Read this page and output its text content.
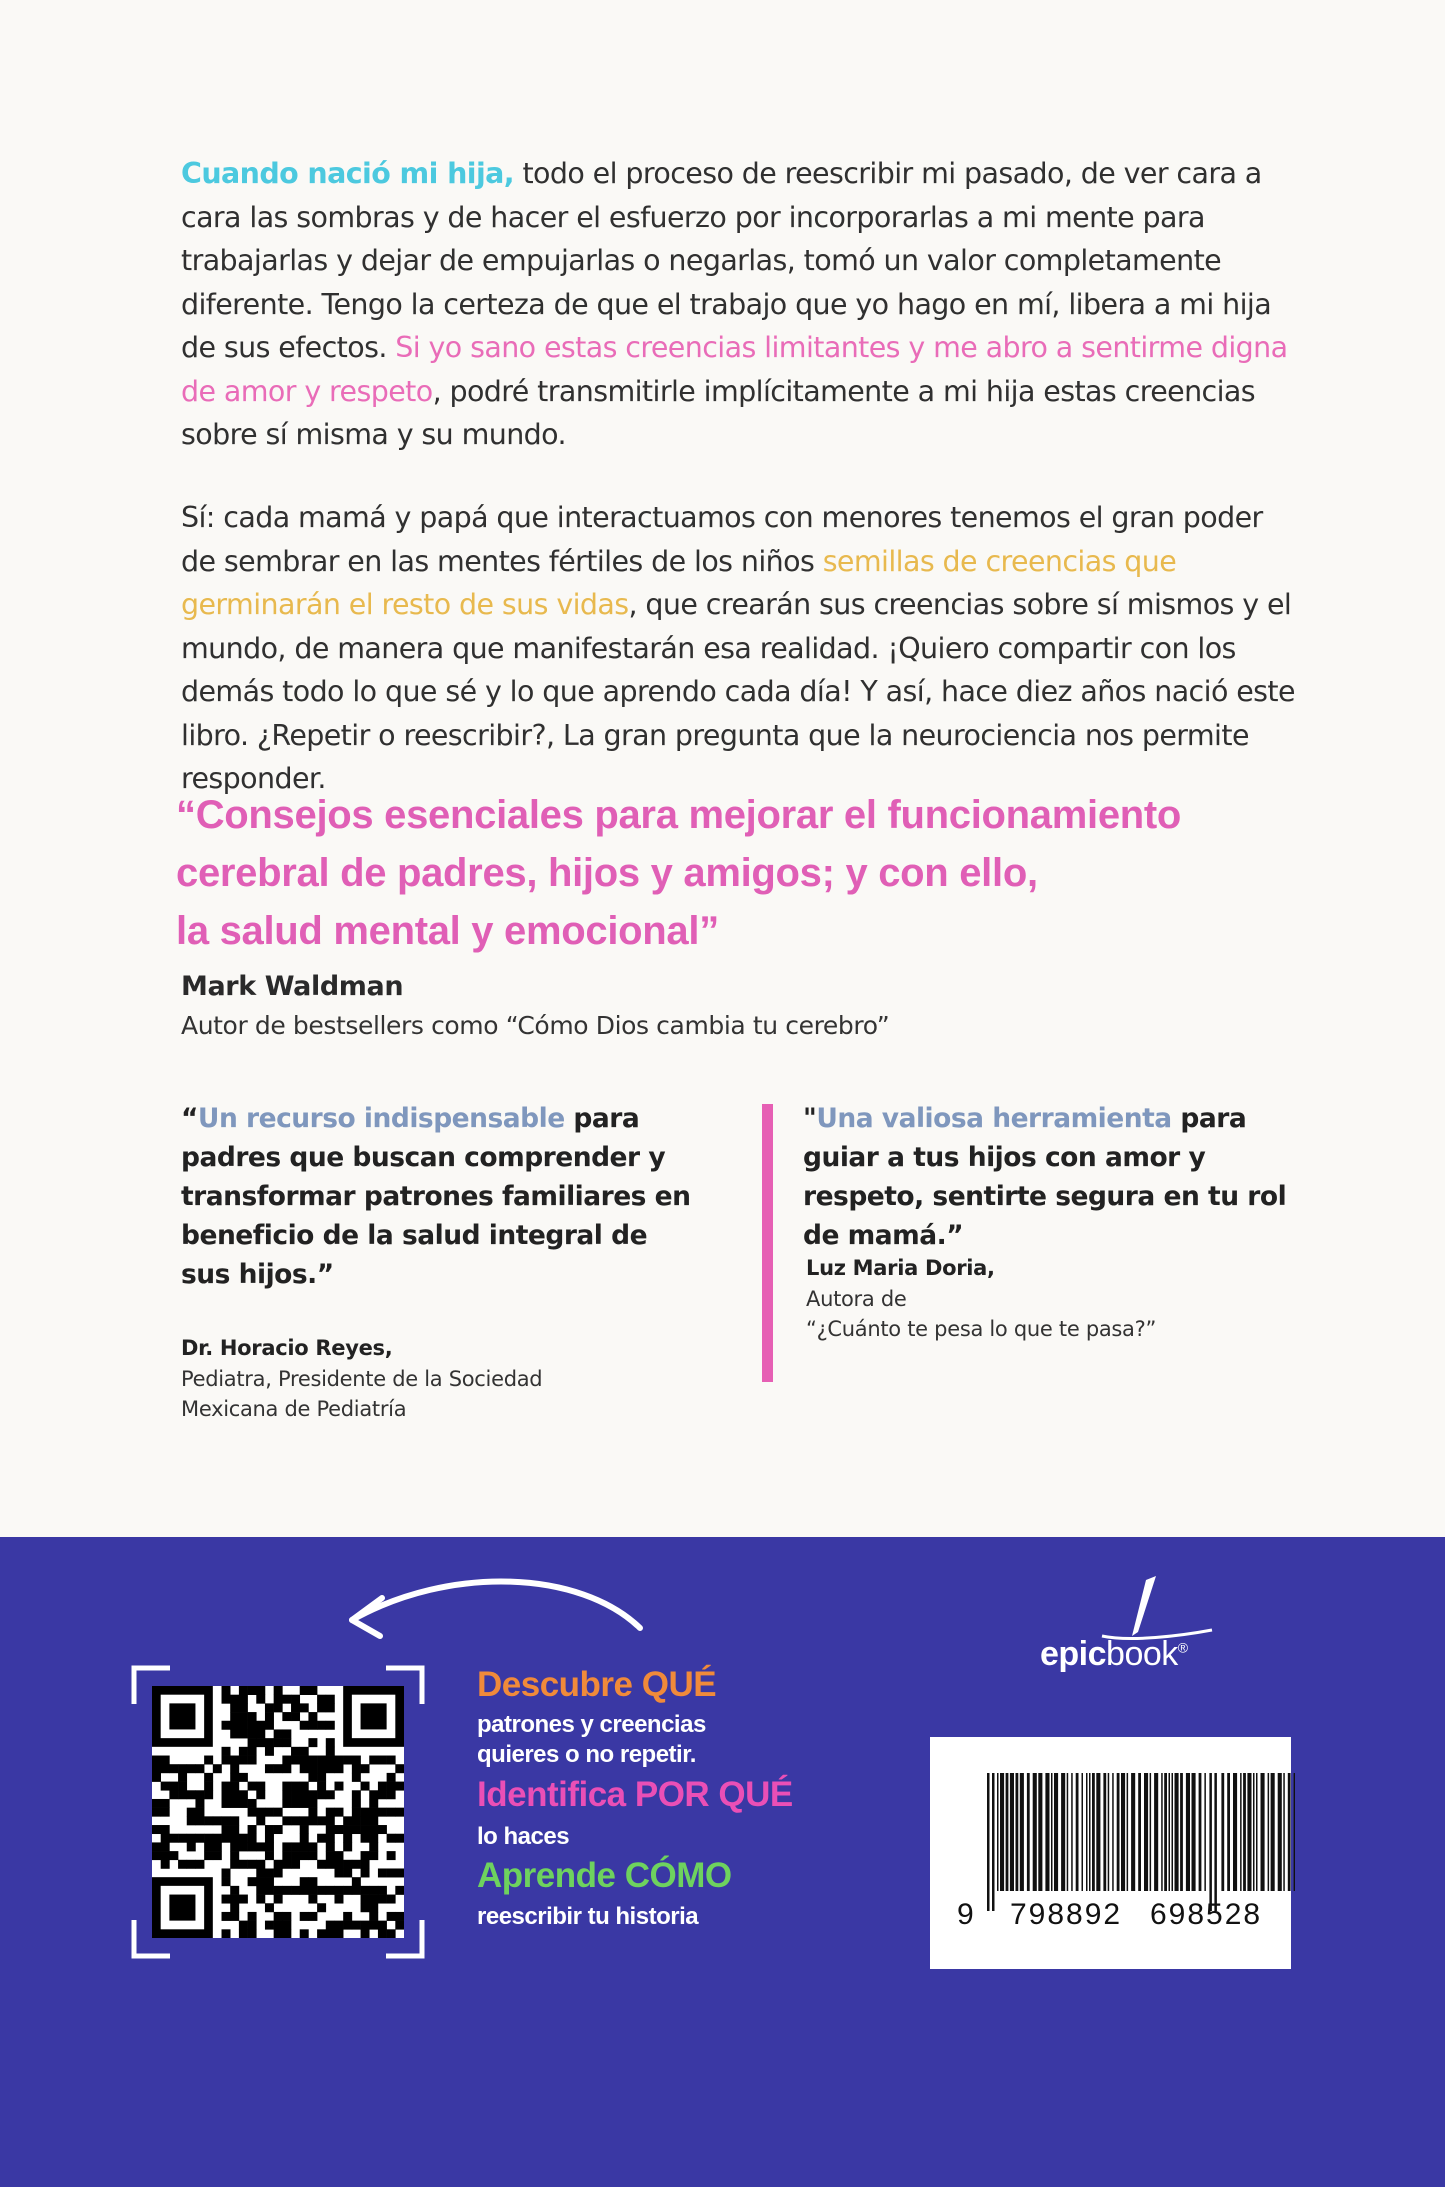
Cuando nació mi hija, todo el proceso de reescribir mi pasado, de ver cara a cara las sombras y de hacer el esfuerzo por incorporarlas a mi mente para trabajarlas y dejar de empujarlas o negarlas, tomó un valor completamente diferente. Tengo la certeza de que el trabajo que yo hago en mí, libera a mi hija de sus efectos. Si yo sano estas creencias limitantes y me abro a sentirme digna de amor y respeto, podré transmitirle implícitamente a mi hija estas creencias sobre sí misma y su mundo.

Sí: cada mamá y papá que interactuamos con menores tenemos el gran poder de sembrar en las mentes fértiles de los niños semillas de creencias que germinarán el resto de sus vidas, que crearán sus creencias sobre sí mismos y el mundo, de manera que manifestarán esa realidad. ¡Quiero compartir con los demás todo lo que sé y lo que aprendo cada día! Y así, hace diez años nació este libro. ¿Repetir o reescribir?, La gran pregunta que la neurociencia nos permite responder.

“Consejos esenciales para mejorar el funcionamiento
cerebral de padres, hijos y amigos; y con ello,
la salud mental y emocional”

Mark Waldman
Autor de bestsellers como “Cómo Dios cambia tu cerebro”

“Un recurso indispensable para padres que buscan comprender y transformar patrones familiares en beneficio de la salud integral de sus hijos.”

Dr. Horacio Reyes,

Pediatra, Presidente de la Sociedad Mexicana de Pediatría

"Una valiosa herramienta para guiar a tus hijos con amor y respeto, sentirte segura en tu rol de mamá.”

Luz Maria Doria,

Autora de
“¿Cuánto te pesa lo que te pasa?”

Descubre QUÉ
patrones y creencias
quieres o no repetir.
Identifica POR QUÉ
lo haces
Aprende CÓMO
reescribir tu historia
epicbook®
9 798892 698528
